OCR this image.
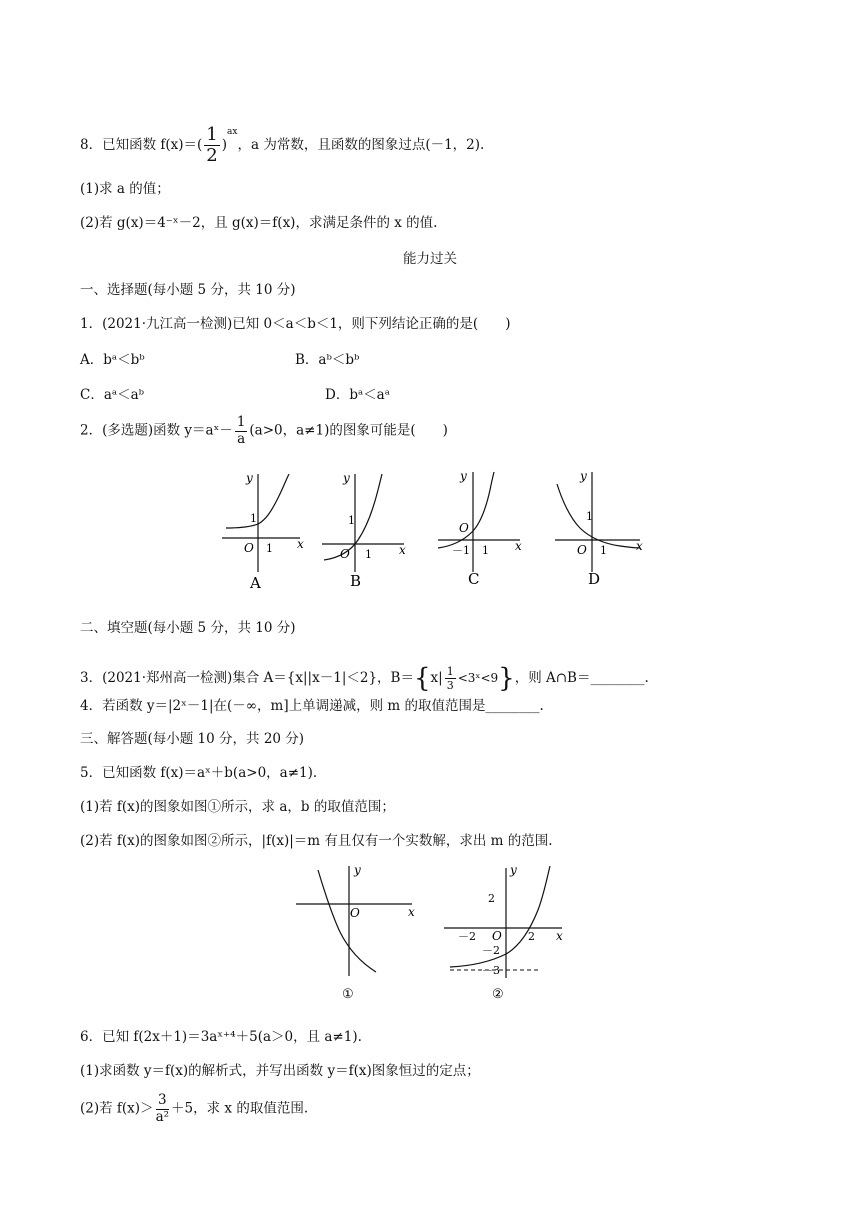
8．已知函数 $f(x)=( \frac{1}{2} )^{ax}$，a 为常数，且函数的图象过点(－1，2).
(1)求 a 的值；
(2)若 g(x)＝4⁻ˣ－2，且 g(x)＝f(x)，求满足条件的 x 的值.
能力过关
一、选择题(每小题 5 分，共 10 分)
1．(2021·九江高一检测)已知 0＜a＜b＜1，则下列结论正确的是(　　)
A．bᵃ＜bᵇ	B．aᵇ＜bᵇ
C．aᵃ＜aᵇ	D．bᵃ＜aᵃ
2．(多选题)函数 y＝aˣ－ $\frac{1}{a} (a>0$，a≠1)的图象可能是(　　)
x
y
O
1
1
A
x
y
O
1
1
B
x
y
O
－1 1
C
x
y
O
1
1
D
二、填空题(每小题 5 分，共 10 分)
3．(2021·郑州高一检测)集合 A＝{x||x－1|＜2}，$B=\{x| \frac{1}{3}$ <3ˣ<9}，则 A∩B＝________.
4．若函数 y＝|2ˣ－1|在(－∞，m]上单调递减，则 m 的取值范围是________.
三、解答题(每小题 10 分，共 20 分)
5．已知函数 f(x)＝aˣ＋b(a>0，a≠1).
(1)若 f(x)的图象如图①所示，求 a，b 的取值范围；
(2)若 f(x)的图象如图②所示，|f(x)|＝m 有且仅有一个实数解，求出 m 的范围.
x
y
O
①
x
y
O
2
－2	2
－2
－3
②
6．已知 f(2x＋1)＝3aˣ⁺⁴＋5(a＞0，且 a≠1).
(1)求函数 y＝f(x)的解析式，并写出函数 y＝f(x)图象恒过的定点；
(2)若 $f(x)> \frac{3}{\text{a²}} +5$，求 x 的取值范围.
